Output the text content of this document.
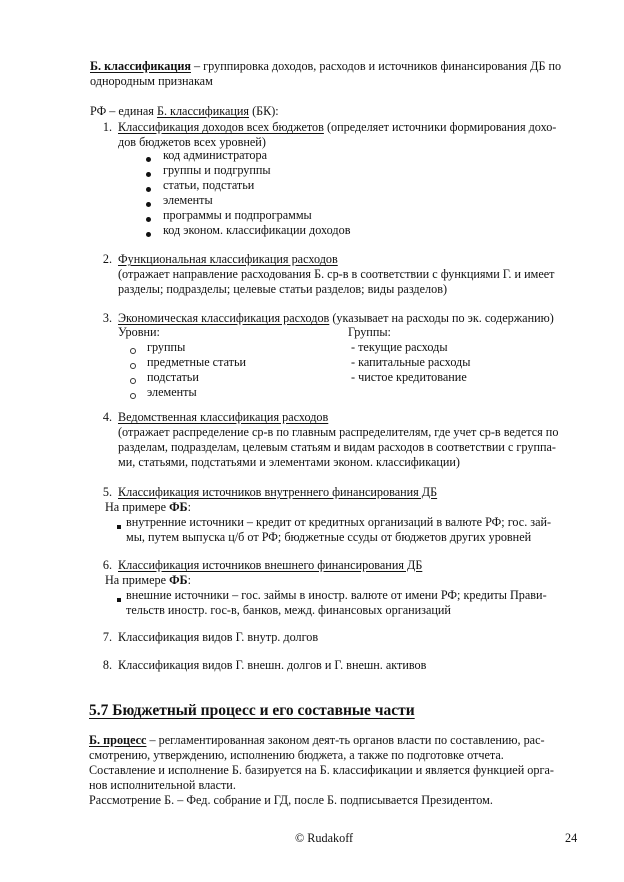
Б. классификация – группировка доходов, расходов и источников финансирования ДБ по
однородным признакам
РФ – единая Б. классификация (БК):
1. Классификация доходов всех бюджетов (определяет источники формирования дохо-
дов бюджетов всех уровней)
код администратора
группы и подгруппы
статьи, подстатьи
элементы
программы и подпрограммы
код эконом. классификации доходов
2. Функциональная классификация расходов
(отражает направление расходования Б. ср-в в соответствии с функциями Г. и имеет
разделы; подразделы; целевые статьи разделов; виды разделов)
3. Экономическая классификация расходов (указывает на расходы по эк. содержанию)
Уровни:	Группы:
группы
предметные статьи
подстатьи
элементы
- текущие расходы
- капитальные расходы
- чистое кредитование
4. Ведомственная классификация расходов
(отражает распределение ср-в по главным распределителям, где учет ср-в ведется по
разделам, подразделам, целевым статьям и видам расходов в соответствии с группа-
ми, статьями, подстатьями и элементами эконом. классификации)
5. Классификация источников внутреннего финансирования ДБ
На примере ФБ:
внутренние источники – кредит от кредитных организаций в валюте РФ; гос. зай-
мы, путем выпуска ц/б от РФ; бюджетные ссуды от бюджетов других уровней
6. Классификация источников внешнего финансирования ДБ
На примере ФБ:
внешние источники – гос. займы в иностр. валюте от имени РФ; кредиты Прави-
тельств иностр. гос-в, банков, межд. финансовых организаций
7. Классификация видов Г. внутр. долгов
8. Классификация видов Г. внешн. долгов и Г. внешн. активов
5.7 Бюджетный процесс и его составные части
Б. процесс – регламентированная законом деят-ть органов власти по составлению, рас-
смотрению, утверждению, исполнению бюджета, а также по подготовке отчета.
Составление и исполнение Б. базируется на Б. классификации и является функцией орга-
нов исполнительной власти.
Рассмотрение Б. – Фед. собрание и ГД, после Б. подписывается Президентом.
© Rudakoff	24
